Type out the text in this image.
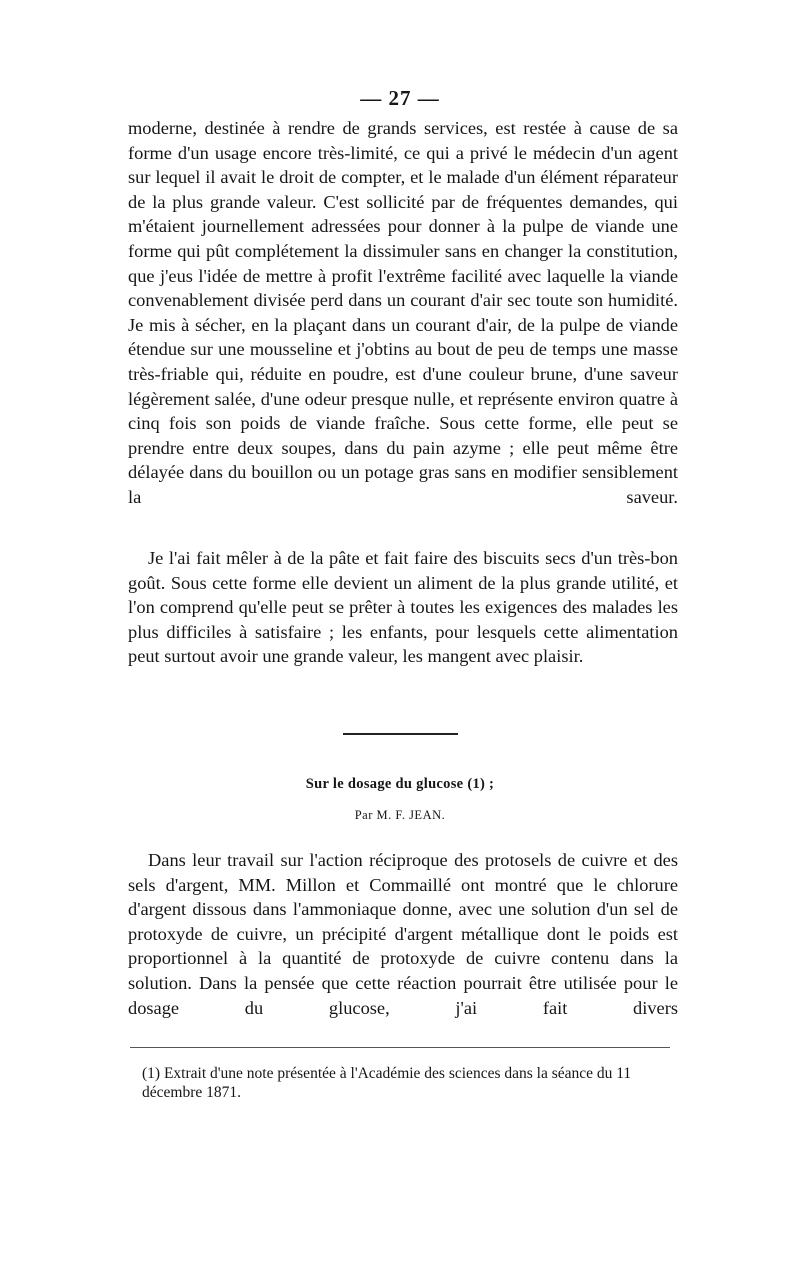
— 27 —

moderne, destinée à rendre de grands services, est restée à cause de sa forme d'un usage encore très-limité, ce qui a privé le médecin d'un agent sur lequel il avait le droit de compter, et le malade d'un élément réparateur de la plus grande valeur. C'est sollicité par de fréquentes demandes, qui m'étaient journellement adressées pour donner à la pulpe de viande une forme qui pût complétement la dissimuler sans en changer la constitution, que j'eus l'idée de mettre à profit l'extrême facilité avec laquelle la viande convenablement divisée perd dans un courant d'air sec toute son humidité. Je mis à sécher, en la plaçant dans un courant d'air, de la pulpe de viande étendue sur une mousseline et j'obtins au bout de peu de temps une masse très-friable qui, réduite en poudre, est d'une couleur brune, d'une saveur légèrement salée, d'une odeur presque nulle, et représente environ quatre à cinq fois son poids de viande fraîche. Sous cette forme, elle peut se prendre entre deux soupes, dans du pain azyme ; elle peut même être délayée dans du bouillon ou un potage gras sans en modifier sensiblement la saveur.

Je l'ai fait mêler à de la pâte et fait faire des biscuits secs d'un très-bon goût. Sous cette forme elle devient un aliment de la plus grande utilité, et l'on comprend qu'elle peut se prêter à toutes les exigences des malades les plus difficiles à satisfaire ; les enfants, pour lesquels cette alimentation peut surtout avoir une grande valeur, les mangent avec plaisir.

Sur le dosage du glucose (1) ;
Par M. F. JEAN.

Dans leur travail sur l'action réciproque des protosels de cuivre et des sels d'argent, MM. Millon et Commaillé ont montré que le chlorure d'argent dissous dans l'ammoniaque donne, avec une solution d'un sel de protoxyde de cuivre, un précipité d'argent métallique dont le poids est proportionnel à la quantité de protoxyde de cuivre contenu dans la solution. Dans la pensée que cette réaction pourrait être utilisée pour le dosage du glucose, j'ai fait divers

(1) Extrait d'une note présentée à l'Académie des sciences dans la séance du 11 décembre 1871.
